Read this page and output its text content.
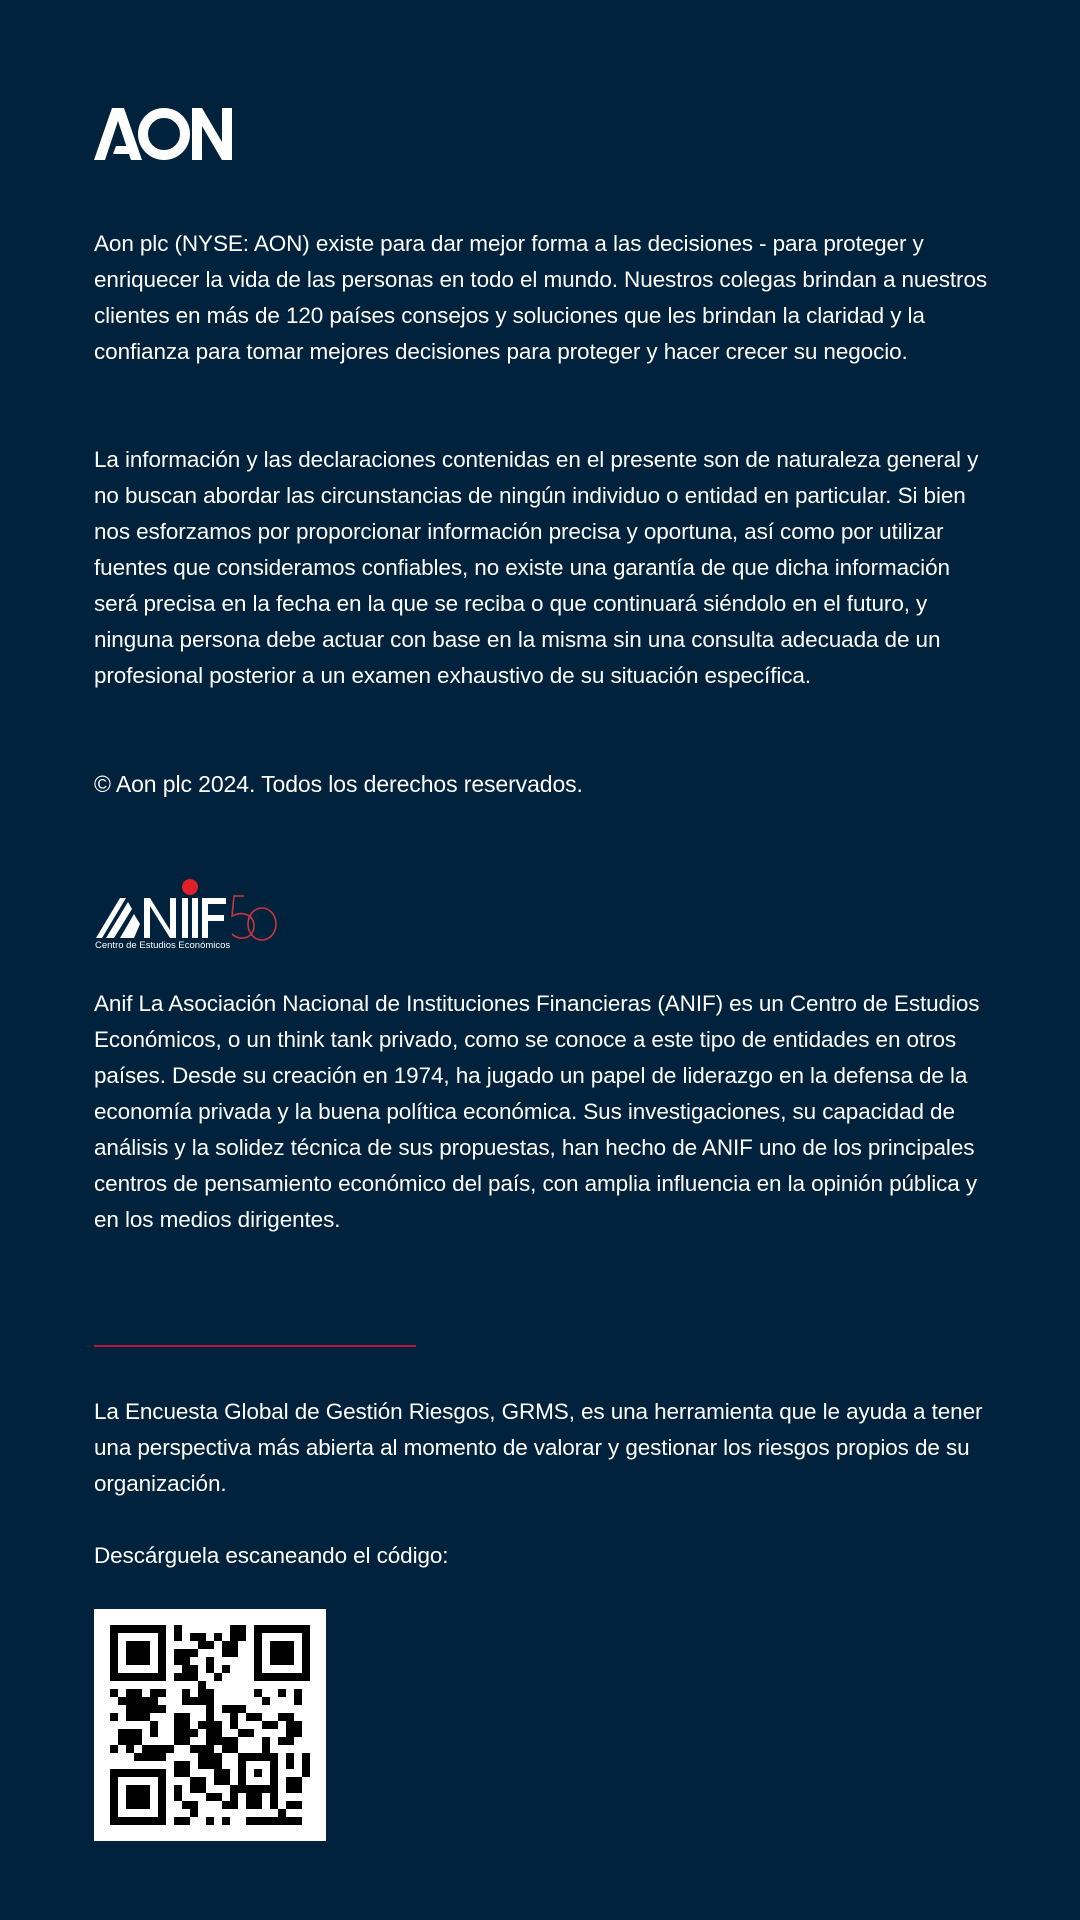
Aon plc (NYSE: AON) existe para dar mejor forma a las decisiones - para proteger y enriquecer la vida de las personas en todo el mundo. Nuestros colegas brindan a nuestros clientes en más de 120 países consejos y soluciones que les brindan la claridad y la confianza para tomar mejores decisiones para proteger y hacer crecer su negocio.

La información y las declaraciones contenidas en el presente son de naturaleza general y no buscan abordar las circunstancias de ningún individuo o entidad en particular. Si bien nos esforzamos por proporcionar información precisa y oportuna, así como por utilizar fuentes que consideramos confiables, no existe una garantía de que dicha información será precisa en la fecha en la que se reciba o que continuará siéndolo en el futuro, y ninguna persona debe actuar con base en la misma sin una consulta adecuada de un profesional posterior a un examen exhaustivo de su situación específica.

© Aon plc 2024. Todos los derechos reservados.

Centro de Estudios Económicos

Anif La Asociación Nacional de Instituciones Financieras (ANIF) es un Centro de Estudios Económicos, o un think tank privado, como se conoce a este tipo de entidades en otros países. Desde su creación en 1974, ha jugado un papel de liderazgo en la defensa de la economía privada y la buena política económica. Sus investigaciones, su capacidad de análisis y la solidez técnica de sus propuestas, han hecho de ANIF uno de los principales centros de pensamiento económico del país, con amplia influencia en la opinión pública y en los medios dirigentes.

La Encuesta Global de Gestión Riesgos, GRMS, es una herramienta que le ayuda a tener una perspectiva más abierta al momento de valorar y gestionar los riesgos propios de su organización.

Descárguela escaneando el código:
